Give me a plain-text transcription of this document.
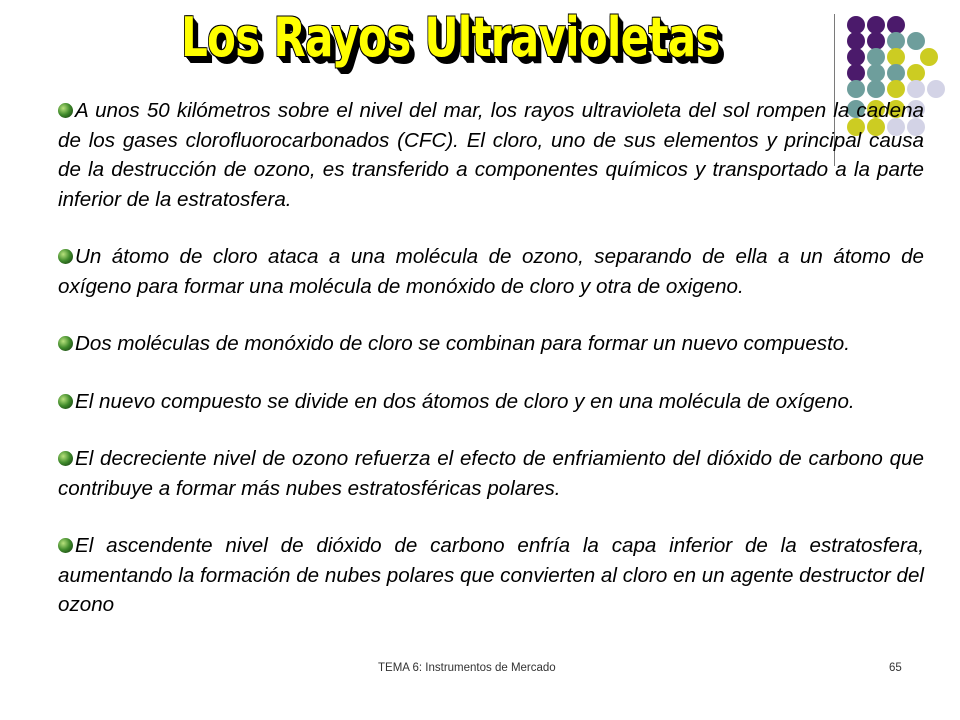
Los Rayos Ultravioletas

A unos 50 kilómetros sobre el nivel del mar, los rayos ultravioleta del sol rompen la cadena de los gases clorofluorocarbonados (CFC). El cloro, uno de sus elementos y principal causa de la destrucción de ozono, es transferido a componentes químicos y transportado a la parte inferior de la estratosfera.

Un átomo de cloro ataca a una molécula de ozono, separando de ella a un átomo de oxígeno para formar una molécula de monóxido de cloro y otra de oxigeno.

Dos moléculas de monóxido de cloro se combinan para formar un nuevo compuesto.

El nuevo compuesto se divide en dos átomos de cloro y en una molécula de oxígeno.

El decreciente nivel de ozono refuerza el efecto de enfriamiento del dióxido de carbono que contribuye a formar más nubes estratosféricas polares.

El ascendente nivel de dióxido de carbono enfría la capa inferior de la estratosfera, aumentando la formación de nubes polares que convierten al cloro en un agente destructor del ozono

TEMA 6: Instrumentos de Mercado	65
